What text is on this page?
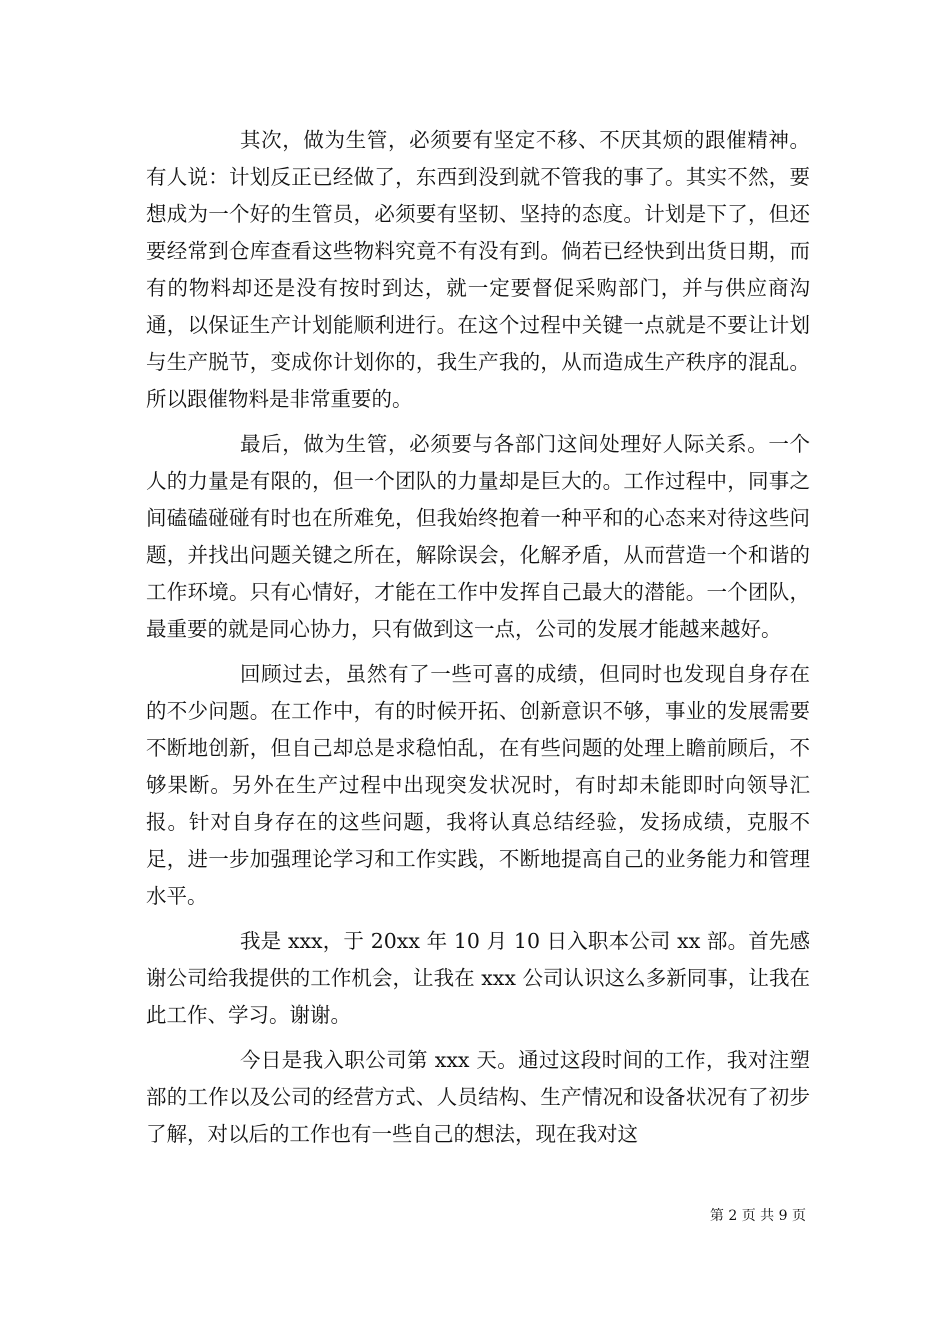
其次，做为生管，必须要有坚定不移、不厌其烦的跟催精神。有人说：计划反正已经做了，东西到没到就不管我的事了。其实不然，要想成为一个好的生管员，必须要有坚韧、坚持的态度。计划是下了，但还要经常到仓库查看这些物料究竟不有没有到。倘若已经快到出货日期，而有的物料却还是没有按时到达，就一定要督促采购部门，并与供应商沟通，以保证生产计划能顺利进行。在这个过程中关键一点就是不要让计划与生产脱节，变成你计划你的，我生产我的，从而造成生产秩序的混乱。所以跟催物料是非常重要的。

最后，做为生管，必须要与各部门这间处理好人际关系。一个人的力量是有限的，但一个团队的力量却是巨大的。工作过程中，同事之间磕磕碰碰有时也在所难免，但我始终抱着一种平和的心态来对待这些问题，并找出问题关键之所在，解除误会，化解矛盾，从而营造一个和谐的工作环境。只有心情好，才能在工作中发挥自己最大的潜能。一个团队，最重要的就是同心协力，只有做到这一点，公司的发展才能越来越好。

回顾过去，虽然有了一些可喜的成绩，但同时也发现自身存在的不少问题。在工作中，有的时候开拓、创新意识不够，事业的发展需要不断地创新，但自己却总是求稳怕乱，在有些问题的处理上瞻前顾后，不够果断。另外在生产过程中出现突发状况时，有时却未能即时向领导汇报。针对自身存在的这些问题，我将认真总结经验，发扬成绩，克服不足，进一步加强理论学习和工作实践，不断地提高自己的业务能力和管理水平。

我是 xxx，于 20xx 年 10 月 10 日入职本公司 xx 部。首先感谢公司给我提供的工作机会，让我在 xxx 公司认识这么多新同事，让我在此工作、学习。谢谢。

今日是我入职公司第 xxx 天。通过这段时间的工作，我对注塑部的工作以及公司的经营方式、人员结构、生产情况和设备状况有了初步了解，对以后的工作也有一些自己的想法，现在我对这

第 2 页 共 9 页
